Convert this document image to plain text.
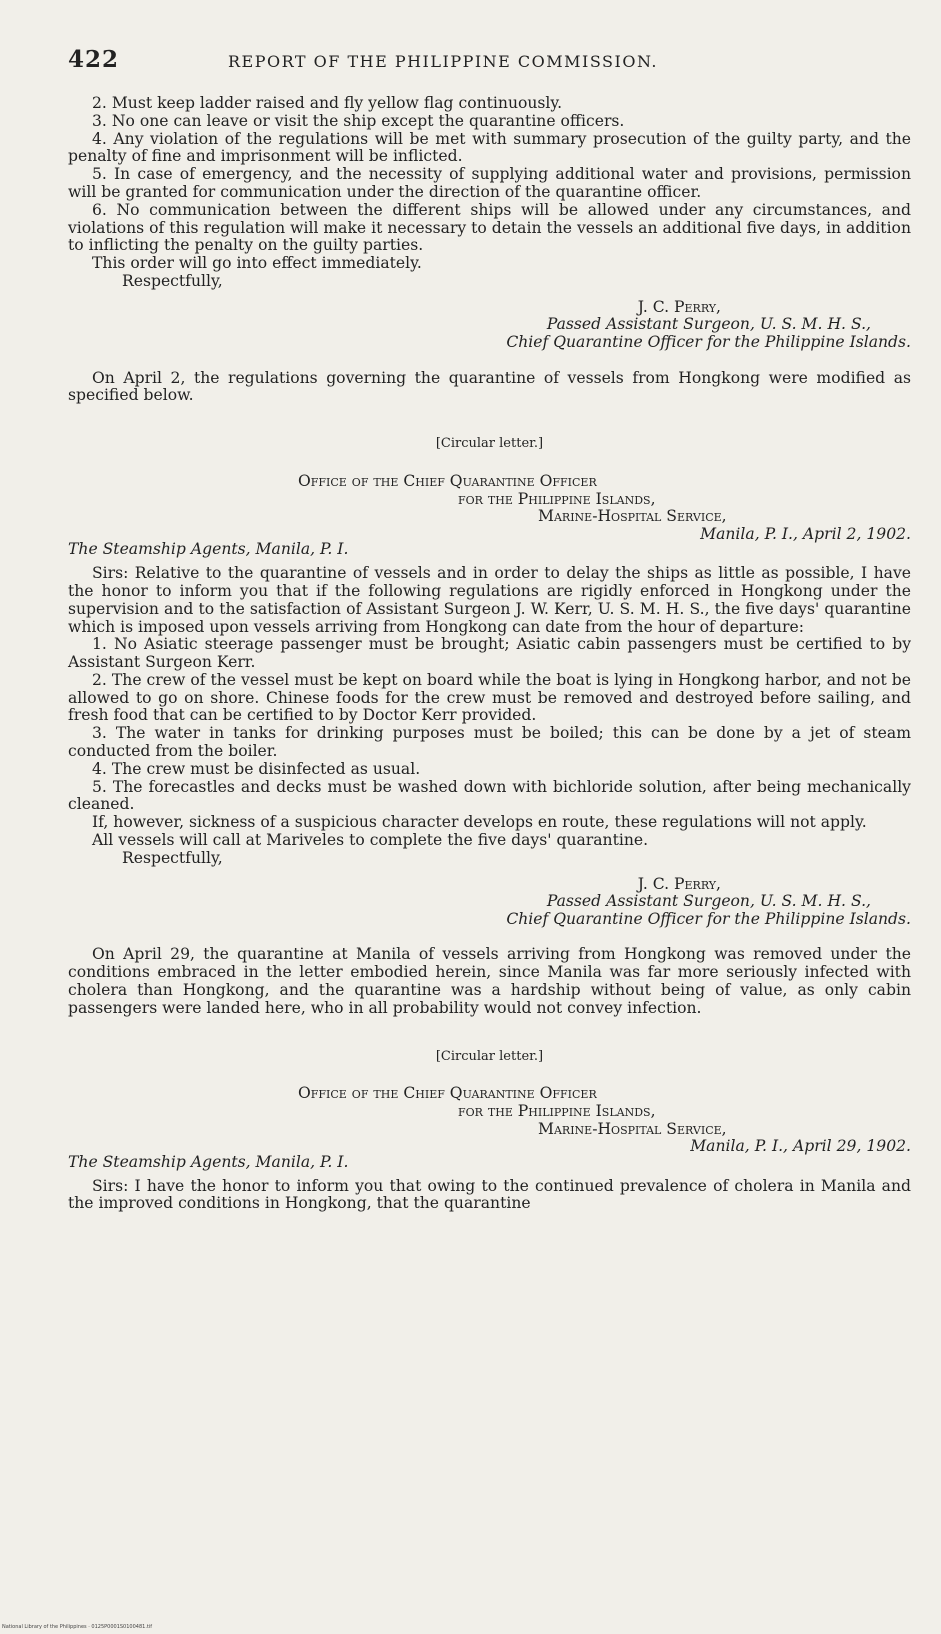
422	REPORT OF THE PHILIPPINE COMMISSION.

2. Must keep ladder raised and fly yellow flag continuously.

3. No one can leave or visit the ship except the quarantine officers.

4. Any violation of the regulations will be met with summary prosecution of the guilty party, and the penalty of fine and imprisonment will be inflicted.

5. In case of emergency, and the necessity of supplying additional water and provisions, permission will be granted for communication under the direction of the quarantine officer.

6. No communication between the different ships will be allowed under any circumstances, and violations of this regulation will make it necessary to detain the vessels an additional five days, in addition to inflicting the penalty on the guilty parties.

This order will go into effect immediately.

Respectfully,

J. C. Perry,
Passed Assistant Surgeon, U. S. M. H. S.,
Chief Quarantine Officer for the Philippine Islands.

On April 2, the regulations governing the quarantine of vessels from Hongkong were modified as specified below.

[Circular letter.]
Office of the Chief Quarantine Officer
for the Philippine Islands,
Marine-Hospital Service,
Manila, P. I., April 2, 1902.
The Steamship Agents, Manila, P. I.

Sirs: Relative to the quarantine of vessels and in order to delay the ships as little as possible, I have the honor to inform you that if the following regulations are rigidly enforced in Hongkong under the supervision and to the satisfaction of Assistant Surgeon J. W. Kerr, U. S. M. H. S., the five days' quarantine which is imposed upon vessels arriving from Hongkong can date from the hour of departure:

1. No Asiatic steerage passenger must be brought; Asiatic cabin passengers must be certified to by Assistant Surgeon Kerr.

2. The crew of the vessel must be kept on board while the boat is lying in Hongkong harbor, and not be allowed to go on shore. Chinese foods for the crew must be removed and destroyed before sailing, and fresh food that can be certified to by Doctor Kerr provided.

3. The water in tanks for drinking purposes must be boiled; this can be done by a jet of steam conducted from the boiler.

4. The crew must be disinfected as usual.

5. The forecastles and decks must be washed down with bichloride solution, after being mechanically cleaned.

If, however, sickness of a suspicious character develops en route, these regulations will not apply.

All vessels will call at Mariveles to complete the five days' quarantine.

Respectfully,

J. C. Perry,
Passed Assistant Surgeon, U. S. M. H. S.,
Chief Quarantine Officer for the Philippine Islands.

On April 29, the quarantine at Manila of vessels arriving from Hongkong was removed under the conditions embraced in the letter embodied herein, since Manila was far more seriously infected with cholera than Hongkong, and the quarantine was a hardship without being of value, as only cabin passengers were landed here, who in all probability would not convey infection.

[Circular letter.]
Office of the Chief Quarantine Officer
for the Philippine Islands,
Marine-Hospital Service,
Manila, P. I., April 29, 1902.
The Steamship Agents, Manila, P. I.

Sirs: I have the honor to inform you that owing to the continued prevalence of cholera in Manila and the improved conditions in Hongkong, that the quarantine

National Library of the Philippines · 0125P0001S0100481.tif
